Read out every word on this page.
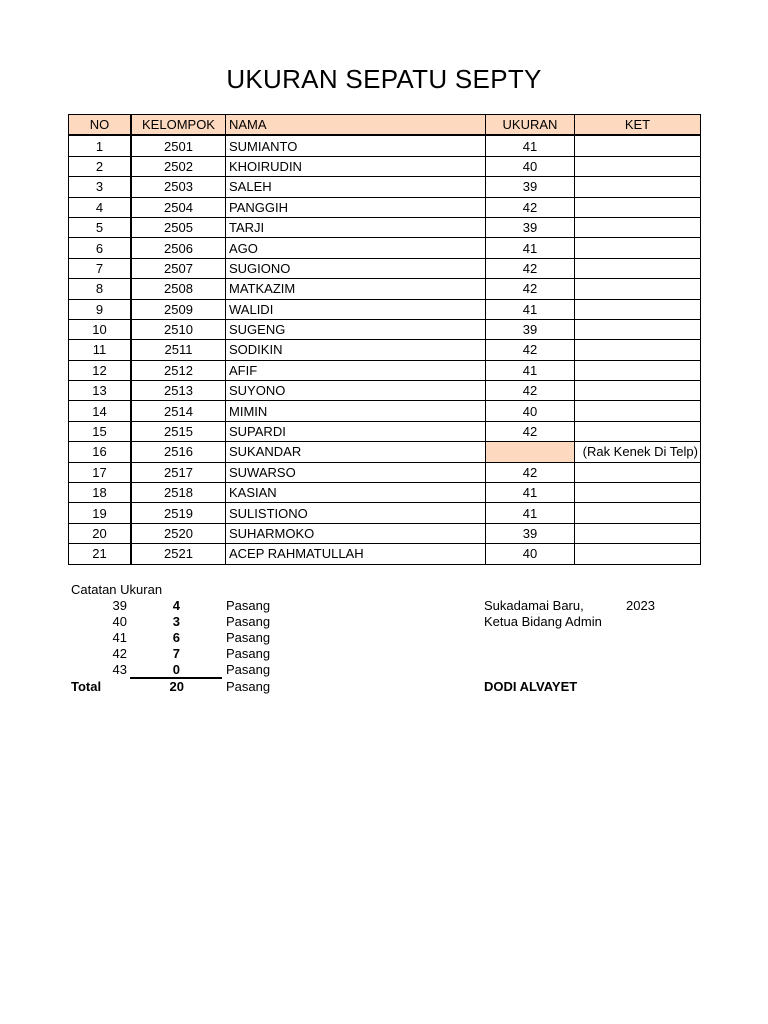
UKURAN SEPATU SEPTY
NO	KELOMPOK	NAMA	UKURAN	KET
1	2501	SUMIANTO	41	
2	2502	KHOIRUDIN	40	
3	2503	SALEH	39	
4	2504	PANGGIH	42	
5	2505	TARJI	39	
6	2506	AGO	41	
7	2507	SUGIONO	42	
8	2508	MATKAZIM	42	
9	2509	WALIDI	41	
10	2510	SUGENG	39	
11	2511	SODIKIN	42	
12	2512	AFIF	41	
13	2513	SUYONO	42	
14	2514	MIMIN	40	
15	2515	SUPARDI	42	
16	2516	SUKANDAR		(Rak Kenek Di Telp)
17	2517	SUWARSO	42	
18	2518	KASIAN	41	
19	2519	SULISTIONO	41	
20	2520	SUHARMOKO	39	
21	2521	ACEP RAHMATULLAH	40	
Catatan Ukuran
39	4	Pasang
40	3	Pasang
41	6	Pasang
42	7	Pasang
43	0	Pasang
Total	20	Pasang
Sukadamai Baru,	2023
Ketua Bidang Admin
DODI ALVAYET
